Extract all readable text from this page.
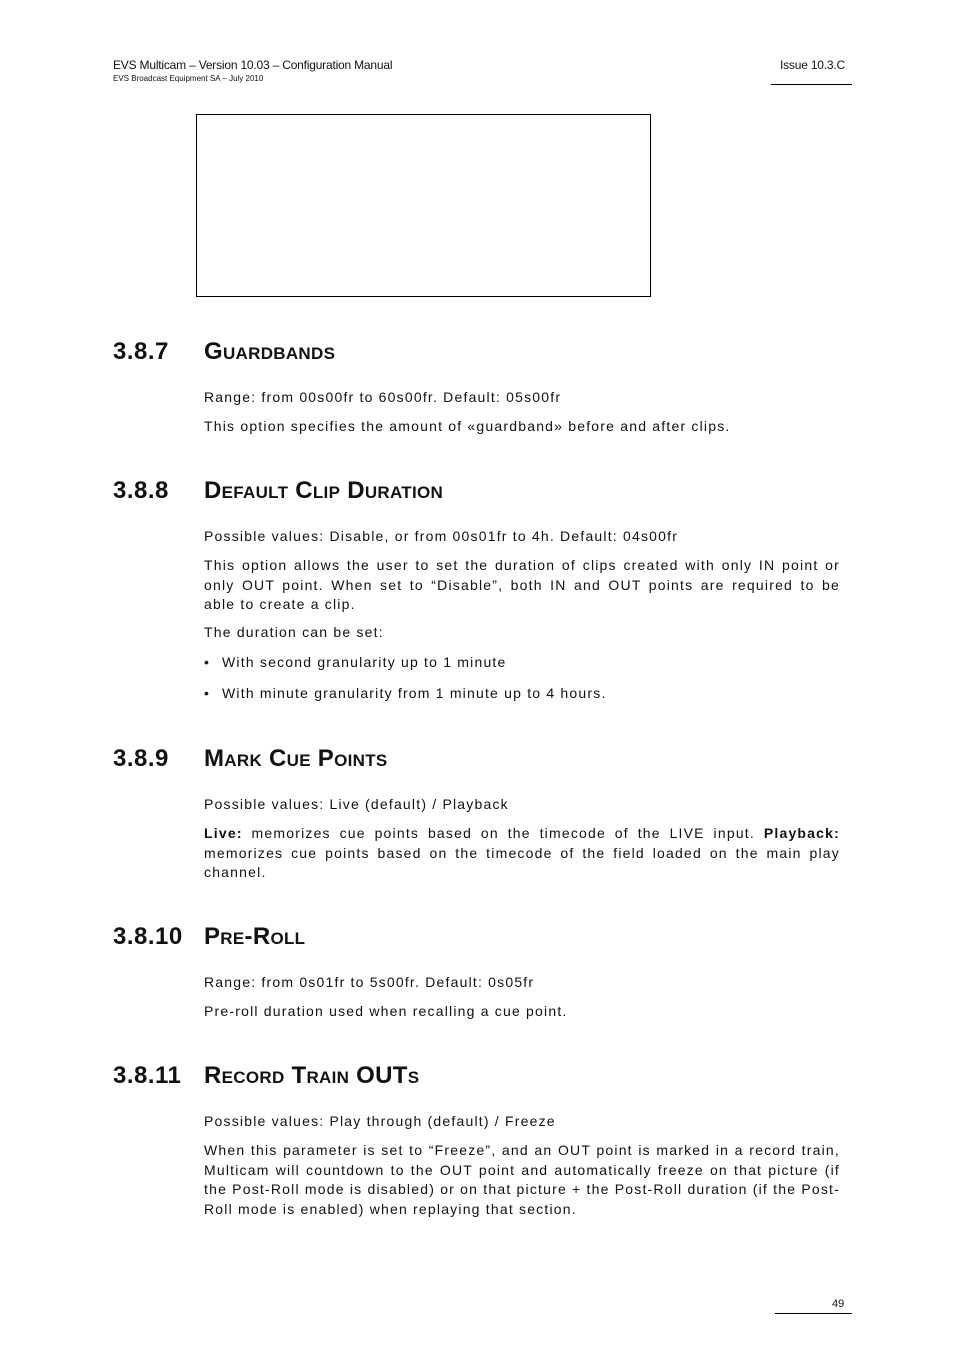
EVS Multicam – Version 10.03 – Configuration Manual
EVS Broadcast Equipment SA – July 2010
Issue 10.3.C
3.8.7 Guardbands
Range: from 00s00fr to 60s00fr. Default: 05s00fr
This option specifies the amount of «guardband» before and after clips.
3.8.8 Default Clip Duration
Possible values: Disable, or from 00s01fr to 4h. Default: 04s00fr
This option allows the user to set the duration of clips created with only IN point or only OUT point. When set to “Disable”, both IN and OUT points are required to be able to create a clip.
The duration can be set:
• With second granularity up to 1 minute
• With minute granularity from 1 minute up to 4 hours.
3.8.9 Mark Cue Points
Possible values: Live (default) / Playback
Live: memorizes cue points based on the timecode of the LIVE input. Playback: memorizes cue points based on the timecode of the field loaded on the main play channel.
3.8.10 Pre-Roll
Range: from 0s01fr to 5s00fr. Default: 0s05fr
Pre-roll duration used when recalling a cue point.
3.8.11 Record Train OUTs
Possible values: Play through (default) / Freeze
When this parameter is set to “Freeze”, and an OUT point is marked in a record train, Multicam will countdown to the OUT point and automatically freeze on that picture (if the Post-Roll mode is disabled) or on that picture + the Post-Roll duration (if the Post-Roll mode is enabled) when replaying that section.
49
